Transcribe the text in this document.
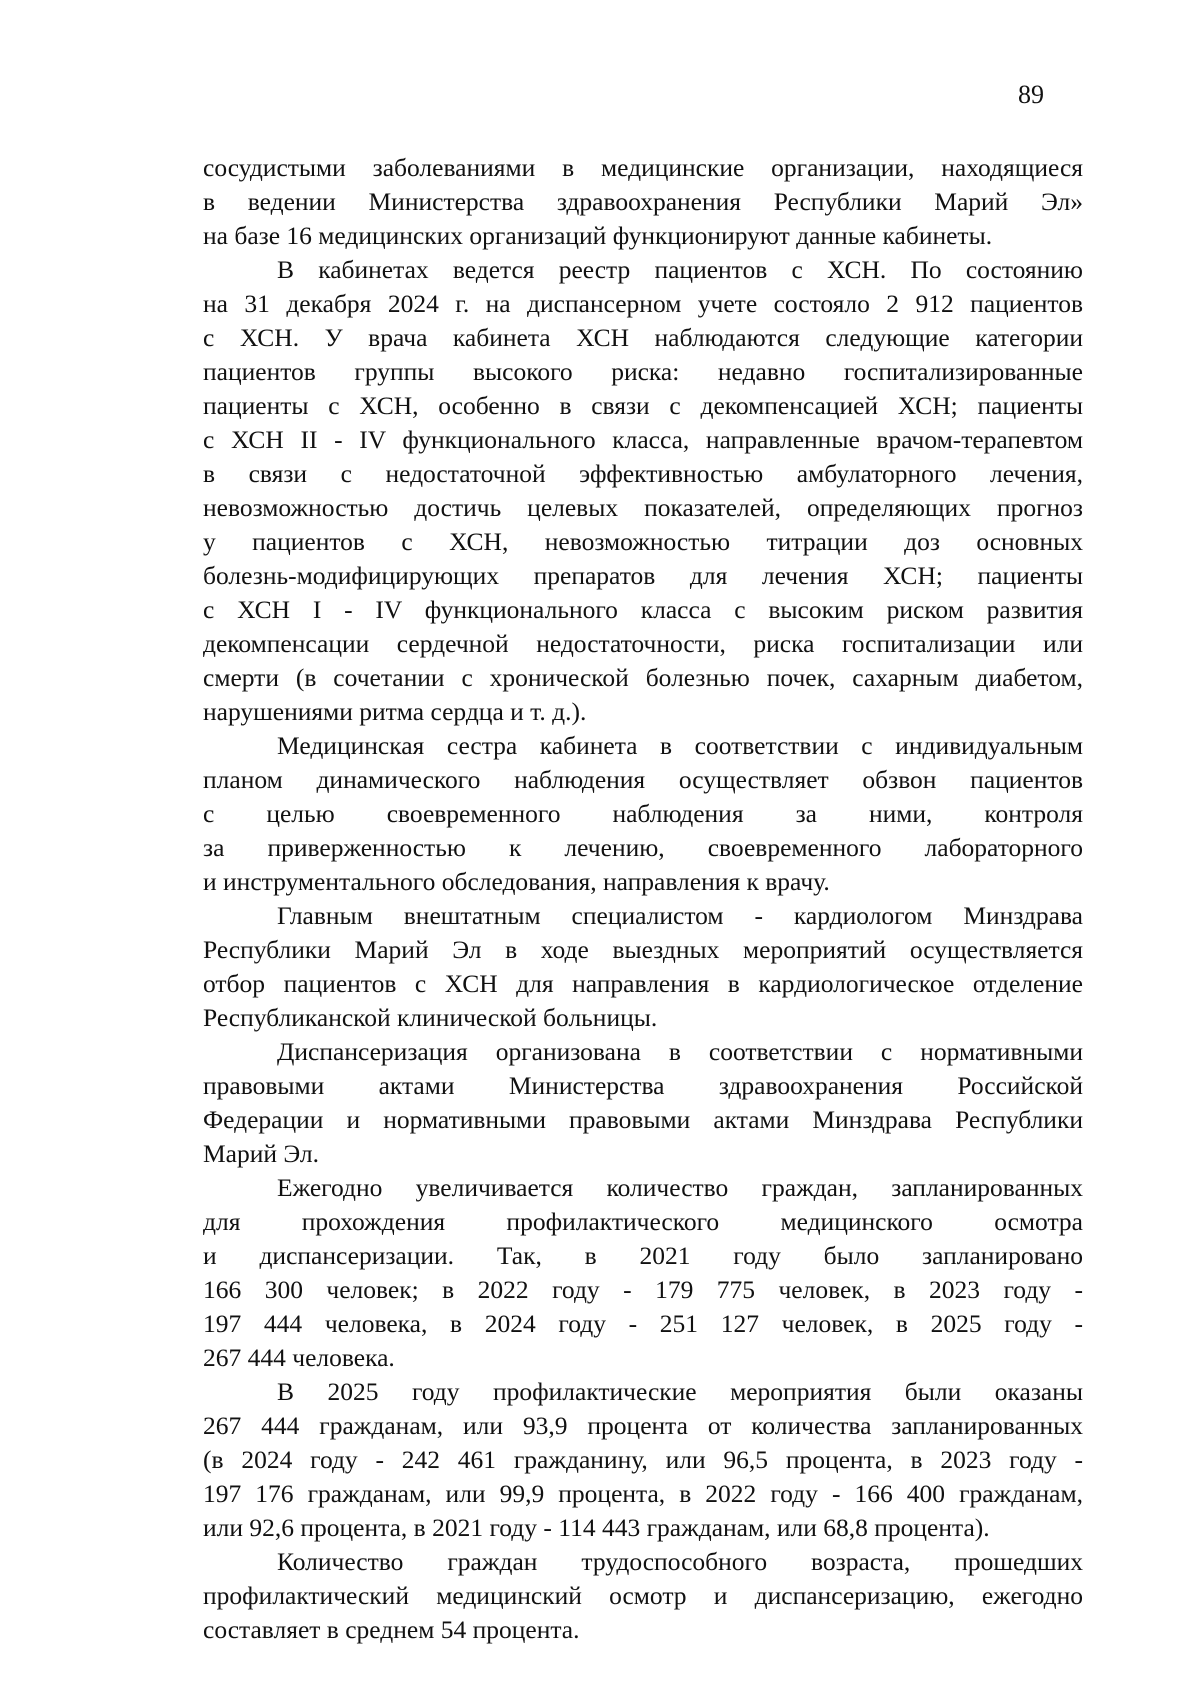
89
сосудистыми заболеваниями в медицинские организации, находящиеся
в ведении Министерства здравоохранения Республики Марий Эл»
на базе 16 медицинских организаций функционируют данные кабинеты.
В кабинетах ведется реестр пациентов с ХСН. По состоянию
на 31 декабря 2024 г. на диспансерном учете состояло 2 912 пациентов
с ХСН. У врача кабинета ХСН наблюдаются следующие категории
пациентов группы высокого риска: недавно госпитализированные
пациенты с ХСН, особенно в связи с декомпенсацией ХСН; пациенты
с ХСН II - IV функционального класса, направленные врачом-терапевтом
в связи с недостаточной эффективностью амбулаторного лечения,
невозможностью достичь целевых показателей, определяющих прогноз
у пациентов с ХСН, невозможностью титрации доз основных
болезнь-модифицирующих препаратов для лечения ХСН; пациенты
с ХСН I - IV функционального класса с высоким риском развития
декомпенсации сердечной недостаточности, риска госпитализации или
смерти (в сочетании с хронической болезнью почек, сахарным диабетом,
нарушениями ритма сердца и т. д.).
Медицинская сестра кабинета в соответствии с индивидуальным
планом динамического наблюдения осуществляет обзвон пациентов
с целью своевременного наблюдения за ними, контроля
за приверженностью к лечению, своевременного лабораторного
и инструментального обследования, направления к врачу.
Главным внештатным специалистом - кардиологом Минздрава
Республики Марий Эл в ходе выездных мероприятий осуществляется
отбор пациентов с ХСН для направления в кардиологическое отделение
Республиканской клинической больницы.
Диспансеризация организована в соответствии с нормативными
правовыми актами Министерства здравоохранения Российской
Федерации и нормативными правовыми актами Минздрава Республики
Марий Эл.
Ежегодно увеличивается количество граждан, запланированных
для прохождения профилактического медицинского осмотра
и диспансеризации. Так, в 2021 году было запланировано
166 300 человек; в 2022 году - 179 775 человек, в 2023 году -
197 444 человека, в 2024 году - 251 127 человек, в 2025 году -
267 444 человека.
В 2025 году профилактические мероприятия были оказаны
267 444 гражданам, или 93,9 процента от количества запланированных
(в 2024 году - 242 461 гражданину, или 96,5 процента, в 2023 году -
197 176 гражданам, или 99,9 процента, в 2022 году - 166 400 гражданам,
или 92,6 процента, в 2021 году - 114 443 гражданам, или 68,8 процента).
Количество граждан трудоспособного возраста, прошедших
профилактический медицинский осмотр и диспансеризацию, ежегодно
составляет в среднем 54 процента.
